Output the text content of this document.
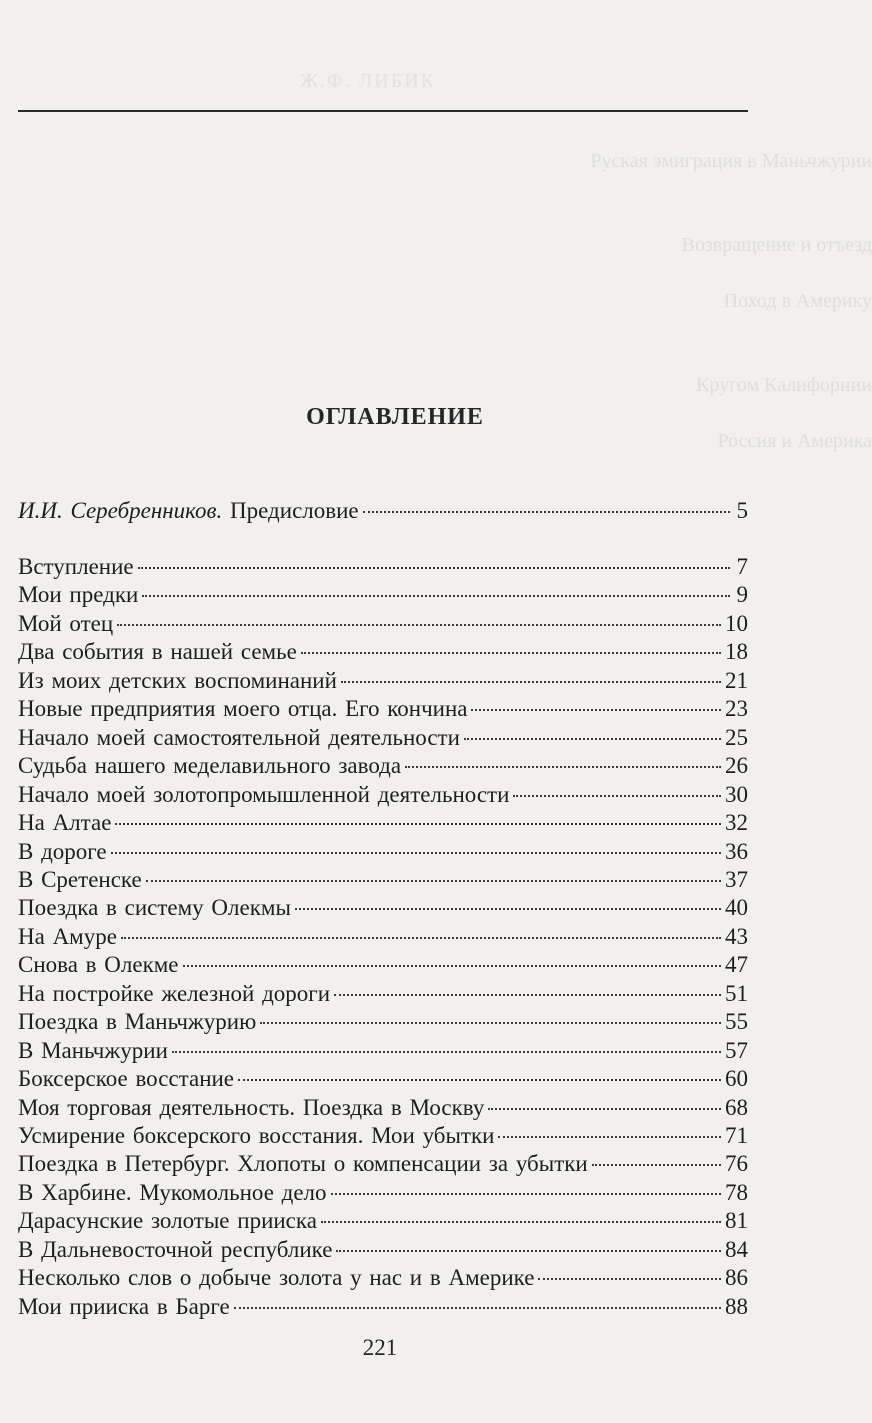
Руская эмиграция в Маньчжурии
Возвращение и отъезд
Поход в Америку
Кругом Калифорнии
Россия и Америка
Ж.Ф. ЛИБИК
ОГЛАВЛЕНИЕ
И.И. Серебренников. Предисловие	5
Вступление	7
Мои предки	9
Мой отец	10
Два события в нашей семье	18
Из моих детских воспоминаний	21
Новые предприятия моего отца. Его кончина	23
Начало моей самостоятельной деятельности	25
Судьба нашего меделавильного завода	26
Начало моей золотопромышленной деятельности	30
На Алтае	32
В дороге	36
В Сретенске	37
Поездка в систему Олекмы	40
На Амуре	43
Снова в Олекме	47
На постройке железной дороги	51
Поездка в Маньчжурию	55
В Маньчжурии	57
Боксерское восстание	60
Моя торговая деятельность. Поездка в Москву	68
Усмирение боксерского восстания. Мои убытки	71
Поездка в Петербург. Хлопоты о компенсации за убытки	76
В Харбине. Мукомольное дело	78
Дарасунские золотые прииска	81
В Дальневосточной республике	84
Несколько слов о добыче золота у нас и в Америке	86
Мои прииска в Барге	88
221
